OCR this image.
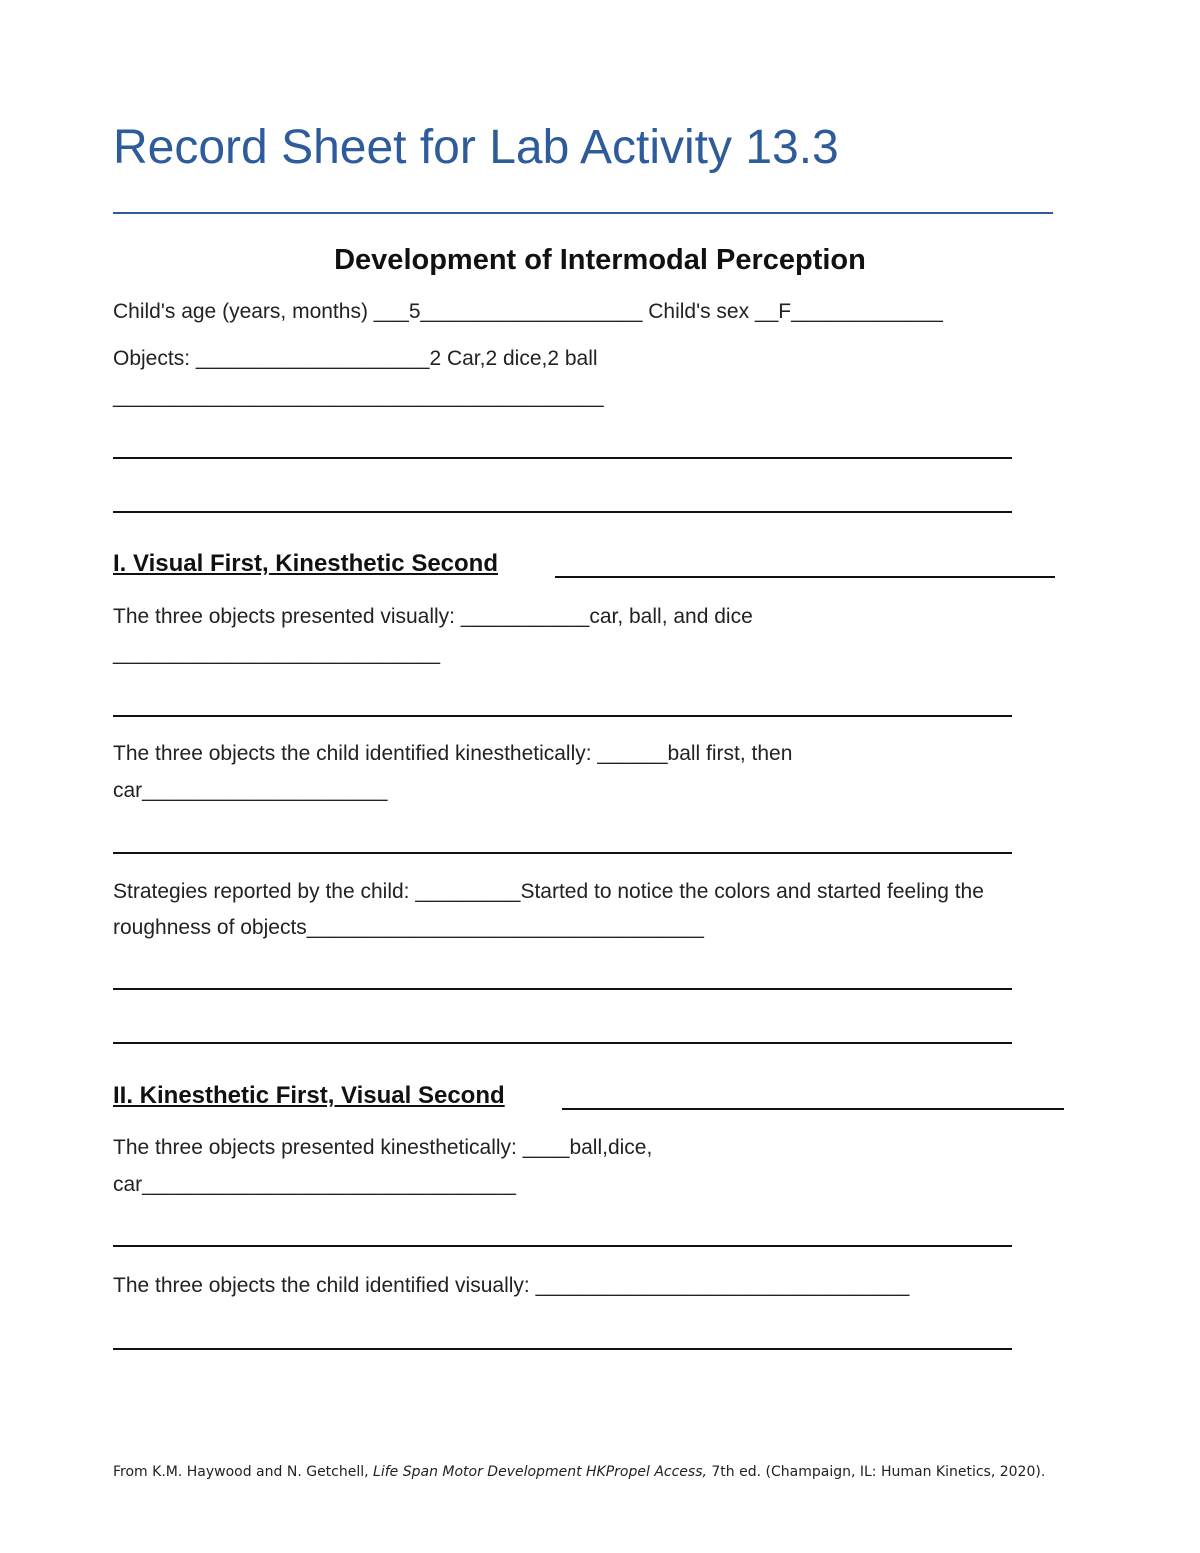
Record Sheet for Lab Activity 13.3
Development of Intermodal Perception
Child's age (years, months) ___5___________________ Child's sex __F_____________
Objects: ____________________2 Car,2 dice,2 ball
__________________________________________
I. Visual First, Kinesthetic Second
The three objects presented visually: ___________car, ball, and dice
____________________________
The three objects the child identified kinesthetically: ______ball first, then
car_____________________
Strategies reported by the child: _________Started to notice the colors and started feeling the
roughness of objects__________________________________
II. Kinesthetic First, Visual Second
The three objects presented kinesthetically: ____ball,dice,
car________________________________
The three objects the child identified visually: ________________________________
From K.M. Haywood and N. Getchell, Life Span Motor Development HKPropel Access, 7th ed. (Champaign, IL: Human Kinetics, 2020).
